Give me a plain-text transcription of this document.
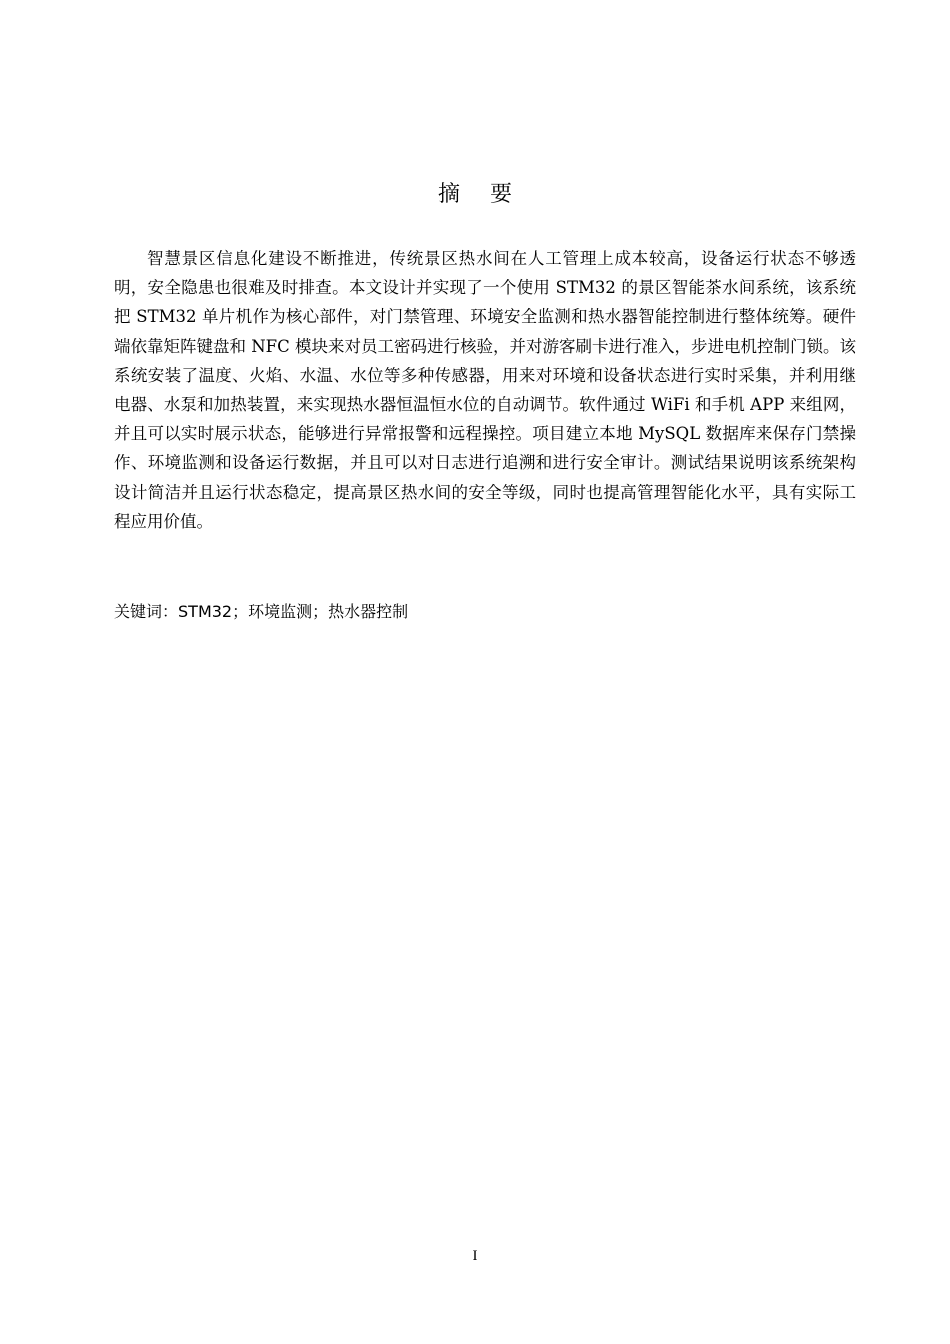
摘要

智慧景区信息化建设不断推进，传统景区热水间在人工管理上成本较高，设备运行状态不够透明，安全隐患也很难及时排查。本文设计并实现了一个使用 STM32 的景区智能茶水间系统，该系统把 STM32 单片机作为核心部件，对门禁管理、环境安全监测和热水器智能控制进行整体统筹。硬件端依靠矩阵键盘和 NFC 模块来对员工密码进行核验，并对游客刷卡进行准入，步进电机控制门锁。该系统安装了温度、火焰、水温、水位等多种传感器，用来对环境和设备状态进行实时采集，并利用继电器、水泵和加热装置，来实现热水器恒温恒水位的自动调节。软件通过 WiFi 和手机 APP 来组网，并且可以实时展示状态，能够进行异常报警和远程操控。项目建立本地 MySQL 数据库来保存门禁操作、环境监测和设备运行数据，并且可以对日志进行追溯和进行安全审计。测试结果说明该系统架构设计简洁并且运行状态稳定，提高景区热水间的安全等级，同时也提高管理智能化水平，具有实际工程应用价值。

关键词：STM32；环境监测；热水器控制

I
